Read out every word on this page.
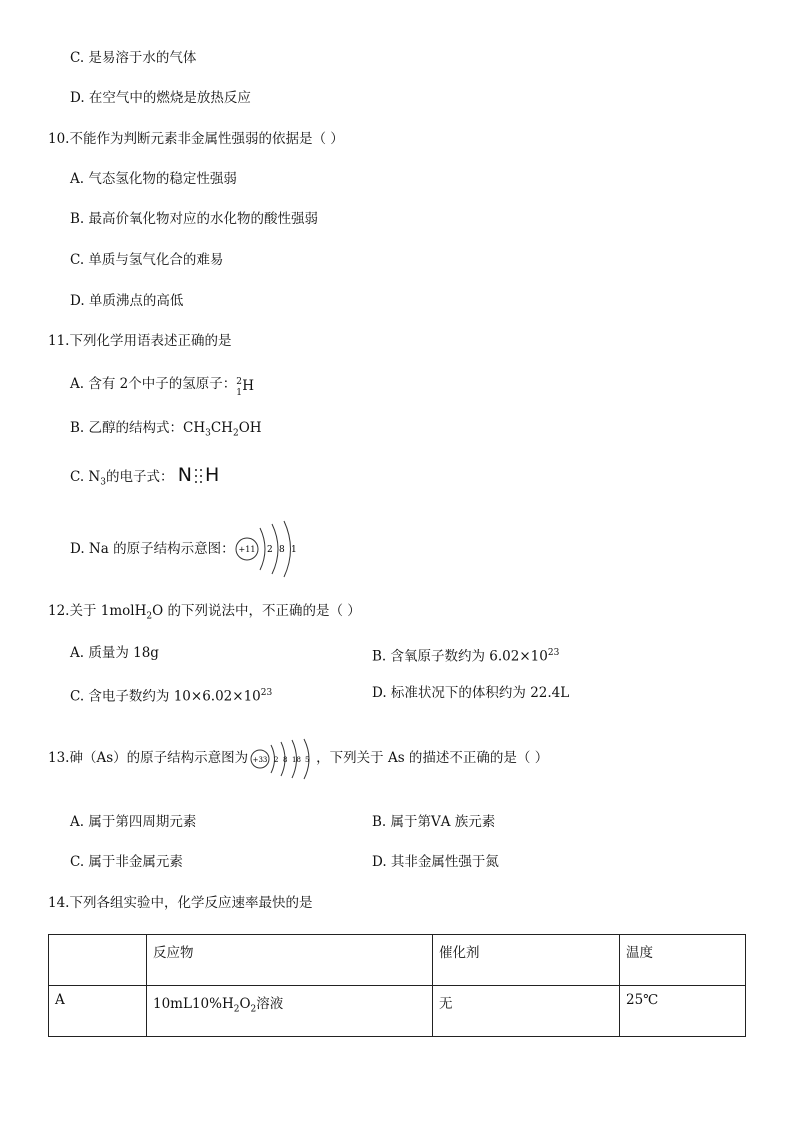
C. 是易溶于水的气体
D. 在空气中的燃烧是放热反应
10.不能作为判断元素非金属性强弱的依据是（ ）
A. 气态氢化物的稳定性强弱
B. 最高价氧化物对应的水化物的酸性强弱
C. 单质与氢气化合的难易
D. 单质沸点的高低
11.下列化学用语表述正确的是
A. 含有 2个中子的氢原子： 2
1 H
B. 乙醇的结构式：$CH_3CH_2OH$
C. $N_3$的电子式： N H
D. Na 的原子结构示意图： +11 2 8 1
12.关于 1molH$_2$O 的下列说法中，不正确的是（ ）
A. 质量为 18g	B. 含氧原子数约为 $6.02\times 10^{23}$
C. 含电子数约为 $10\times 6.02\times 10^{23}$	D. 标准状况下的体积约为 22.4L
13.砷（As）的原子结构示意图为	，下列关于 As 的描述不正确的是（ ）
+33 2 8 18 5
A. 属于第四周期元素	B. 属于第ⅤA 族元素
C. 属于非金属元素	D. 其非金属性强于氮
14.下列各组实验中，化学反应速率最快的是
	反应物	催化剂	温度
A	$10mL10\%H_2O_2$溶液	无	25℃
